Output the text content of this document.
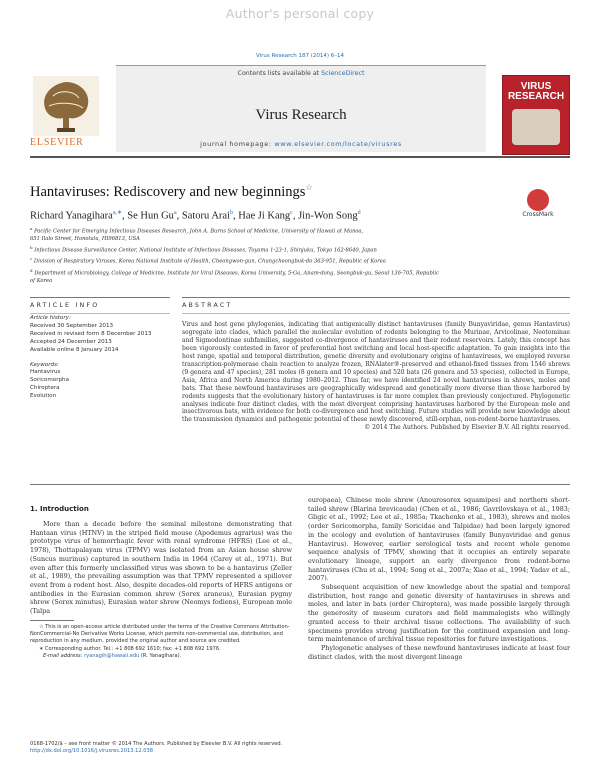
Author's personal copy
Virus Research 187 (2014) 6–14
Contents lists available at ScienceDirect
Virus Research
journal homepage: www.elsevier.com/locate/virusres
ELSEVIER
VIRUS
RESEARCH
Hantaviruses: Rediscovery and new beginnings☆
CrossMark
Richard Yanagihara$^{a,∗}$, Se Hun Gu$^a$, Satoru Arai$^b$, Hae Ji Kang$^c$, Jin-Won Song$^d$
$^a$ Pacific Center for Emerging Infectious Diseases Research, John A. Burns School of Medicine, University of Hawaii at Manoa,
651 Ilalo Street, Honolulu, HI96813, USA
$^b$ Infectious Disease Surveillance Center, National Institute of Infectious Diseases, Toyama 1-23-1, Shinjuku, Tokyo 162-8640, Japan
$^c$ Division of Respiratory Viruses, Korea National Institute of Health, Cheongwon-gun, Chungcheongbuk-do 363-951, Republic of Korea
$^d$ Department of Microbiology, College of Medicine, Institute for Viral Diseases, Korea University, 5-Ga, Anam-dong, Seongbuk-gu, Seoul 136-705, Republic
of Korea
ARTICLE INFO	ABSTRACT
Article history:
Received 30 September 2013
Received in revised form 8 December 2013
Accepted 24 December 2013
Available online 8 January 2014
Keywords:
Hantavirus
Soricomorpha
Chiroptera
Evolution
Virus and host gene phylogenies, indicating that antigenically distinct hantaviruses (family Bunyaviridae, genus Hantavirus) segregate into clades, which parallel the molecular evolution of rodents belonging to the Murinae, Arvicolinae, Neotominae and Sigmodontinae subfamilies, suggested co-divergence of hantaviruses and their rodent reservoirs. Lately, this concept has been vigorously contested in favor of preferential host switching and local host-specific adaptation. To gain insights into the host range, spatial and temporal distribution, genetic diversity and evolutionary origins of hantaviruses, we employed reverse transcription-polymerase chain reaction to analyze frozen, RNAlater®-preserved and ethanol-fixed tissues from 1546 shrews (9 genera and 47 species), 281 moles (8 genera and 10 species) and 520 bats (26 genera and 53 species), collected in Europe, Asia, Africa and North America during 1980–2012. Thus far, we have identified 24 novel hantaviruses in shrews, moles and bats. That these newfound hantaviruses are geographically widespread and genetically more diverse than those harbored by rodents suggests that the evolutionary history of hantaviruses is far more complex than previously conjectured. Phylogenetic analyses indicate four distinct clades, with the most divergent comprising hantaviruses harbored by the European mole and insectivorous bats, with evidence for both co-divergence and host switching. Future studies will provide new knowledge about the transmission dynamics and pathogenic potential of these newly discovered, still-orphan, non-rodent-borne hantaviruses.
© 2014 The Authors. Published by Elsevier B.V. All rights reserved.
1. Introduction

More than a decade before the seminal milestone demonstrating that Hantaan virus (HTNV) in the striped field mouse (Apodemus agrarius) was the prototype virus of hemorrhagic fever with renal syndrome (HFRS) (Lee et al., 1978), Thottapalayam virus (TPMV) was isolated from an Asian house shrew (Suncus murinus) captured in southern India in 1964 (Carey et al., 1971). But even after this formerly unclassified virus was shown to be a hantavirus (Zeller et al., 1989), the prevailing assumption was that TPMV represented a spillover event from a rodent host. Also, despite decades-old reports of HFRS antigens or antibodies in the Eurasian common shrew (Sorex araneus), Eurasian pygmy shrew (Sorex minutus), Eurasian water shrew (Neomys fodiens), European mole (Talpa

europaea), Chinese mole shrew (Anourosorex squamipes) and northern short-tailed shrew (Blarina brevicauda) (Chen et al., 1986; Gavrilovskaya et al., 1983; Gligic et al., 1992; Lee et al., 1985a; Tkachenko et al., 1983), shrews and moles (order Soricomorpha, family Soricidae and Talpidae) had been largely ignored in the ecology and evolution of hantaviruses (family Bunyaviridae and genus Hantavirus). However, earlier serological tests and recent whole genome sequence analysis of TPMV, showing that it occupies an entirely separate evolutionary lineage, support an early divergence from rodent-borne hantaviruses (Chu et al., 1994; Song et al., 2007a; Xiao et al., 1994; Yadav et al., 2007).

Subsequent acquisition of new knowledge about the spatial and temporal distribution, host range and genetic diversity of hantaviruses in shrews and moles, and later in bats (order Chiroptera), was made possible largely through the generosity of museum curators and field mammalogists who willingly granted access to their archival tissue collections. The availability of such specimens provides strong justification for the continued expansion and long-term maintenance of archival tissue repositories for future investigations.

Phylogenetic analyses of these newfound hantaviruses indicate at least four distinct clades, with the most divergent lineage

☆ This is an open-access article distributed under the terms of the Creative Commons Attribution-NonCommercial-No Derivative Works License, which permits non-commercial use, distribution, and reproduction in any medium, provided the original author and source are credited.

∗ Corresponding author. Tel.: +1 808 692 1610; fax: +1 808 692 1976.

E-mail address: ryanagih@hawaii.edu (R. Yanagihara).

0168-1702/$ – see front matter © 2014 The Authors. Published by Elsevier B.V. All rights reserved.
http://dx.doi.org/10.1016/j.virusres.2013.12.038
